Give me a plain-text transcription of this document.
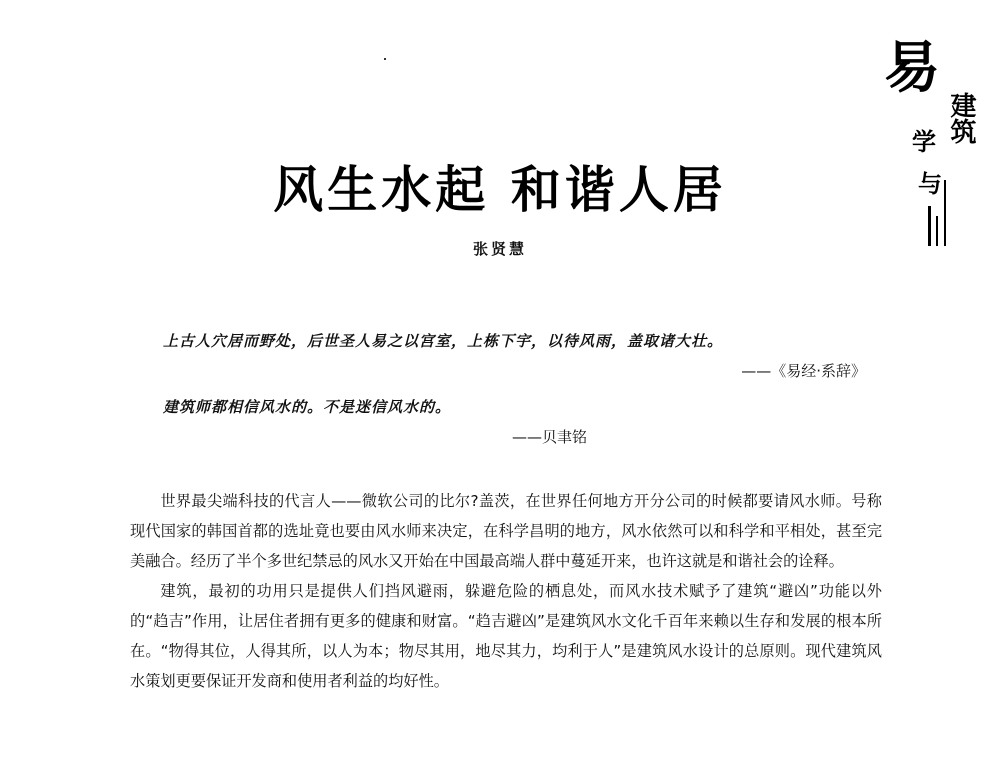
易
建筑
学
与
风生水起 和谐人居
张贤慧
上古人穴居而野处，后世圣人易之以宫室，上栋下宇，以待风雨，盖取诸大壮。
——《易经·系辞》
建筑师都相信风水的。不是迷信风水的。
——贝聿铭

世界最尖端科技的代言人——微软公司的比尔?盖茨，在世界任何地方开分公司的时候都要请风水师。号称现代国家的韩国首都的选址竟也要由风水师来决定，在科学昌明的地方，风水依然可以和科学和平相处，甚至完美融合。经历了半个多世纪禁忌的风水又开始在中国最高端人群中蔓延开来，也许这就是和谐社会的诠释。

建筑，最初的功用只是提供人们挡风避雨，躲避危险的栖息处，而风水技术赋予了建筑“避凶”功能以外的“趋吉”作用，让居住者拥有更多的健康和财富。“趋吉避凶”是建筑风水文化千百年来赖以生存和发展的根本所在。“物得其位，人得其所，以人为本；物尽其用，地尽其力，均利于人”是建筑风水设计的总原则。现代建筑风水策划更要保证开发商和使用者利益的均好性。
